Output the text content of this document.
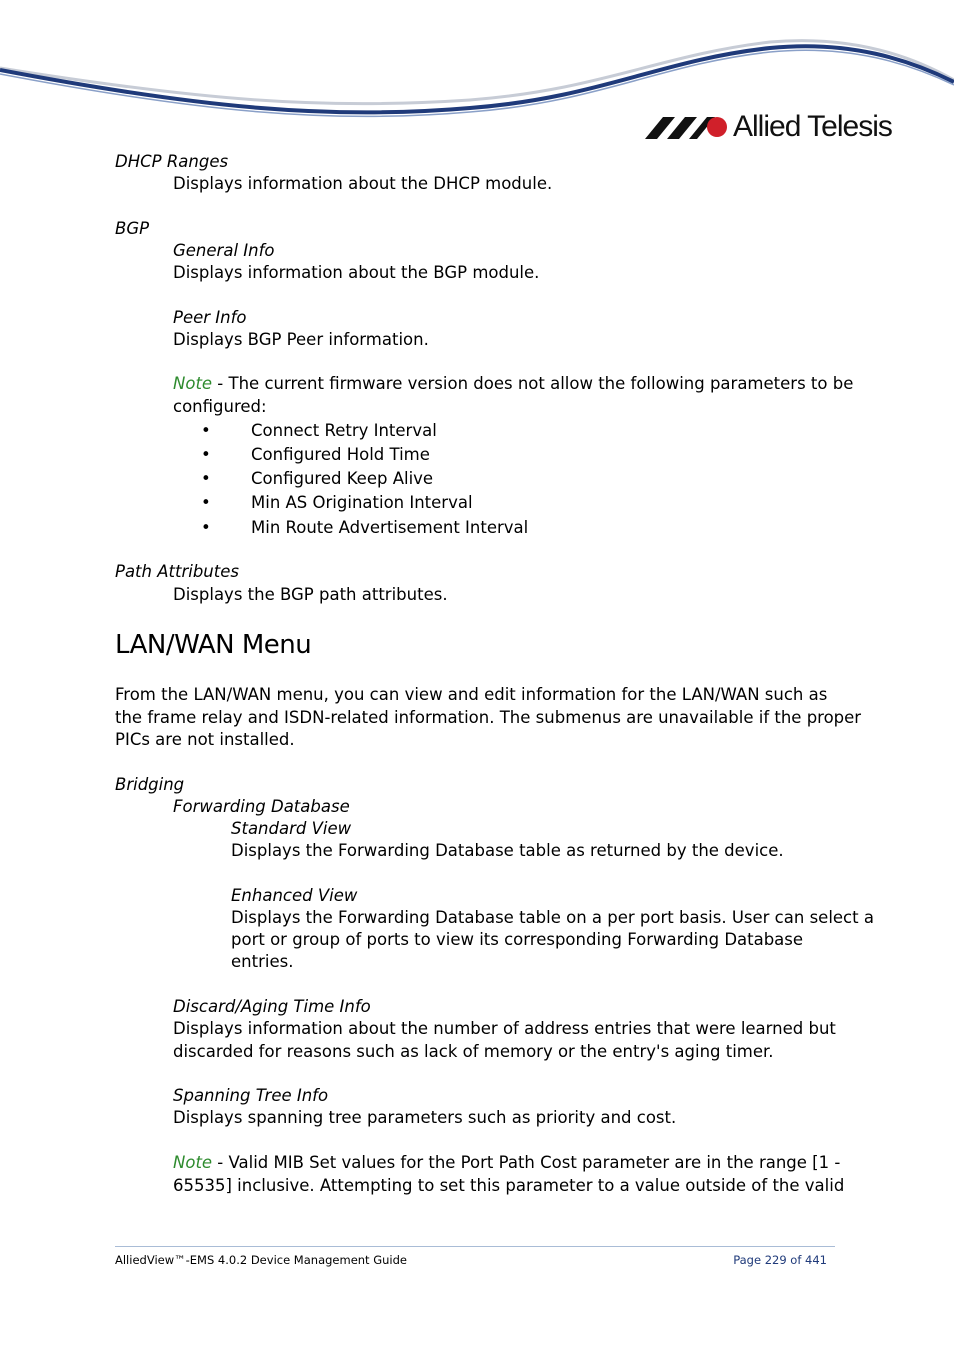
Allied Telesis
DHCP Ranges
Displays information about the DHCP module.
BGP
General Info
Displays information about the BGP module.
Peer Info
Displays BGP Peer information.
Note - The current firmware version does not allow the following parameters to be
configured:
• Connect Retry Interval
• Configured Hold Time
• Configured Keep Alive
• Min AS Origination Interval
• Min Route Advertisement Interval
Path Attributes
Displays the BGP path attributes.
LAN/WAN Menu
From the LAN/WAN menu, you can view and edit information for the LAN/WAN such as
the frame relay and ISDN-related information. The submenus are unavailable if the proper
PICs are not installed.
Bridging
Forwarding Database
Standard View
Displays the Forwarding Database table as returned by the device.
Enhanced View
Displays the Forwarding Database table on a per port basis. User can select a
port or group of ports to view its corresponding Forwarding Database
entries.
Discard/Aging Time Info
Displays information about the number of address entries that were learned but
discarded for reasons such as lack of memory or the entry's aging timer.
Spanning Tree Info
Displays spanning tree parameters such as priority and cost.
Note - Valid MIB Set values for the Port Path Cost parameter are in the range [1 -
65535] inclusive. Attempting to set this parameter to a value outside of the valid
AlliedView™-EMS 4.0.2 Device Management Guide	Page 229 of 441
